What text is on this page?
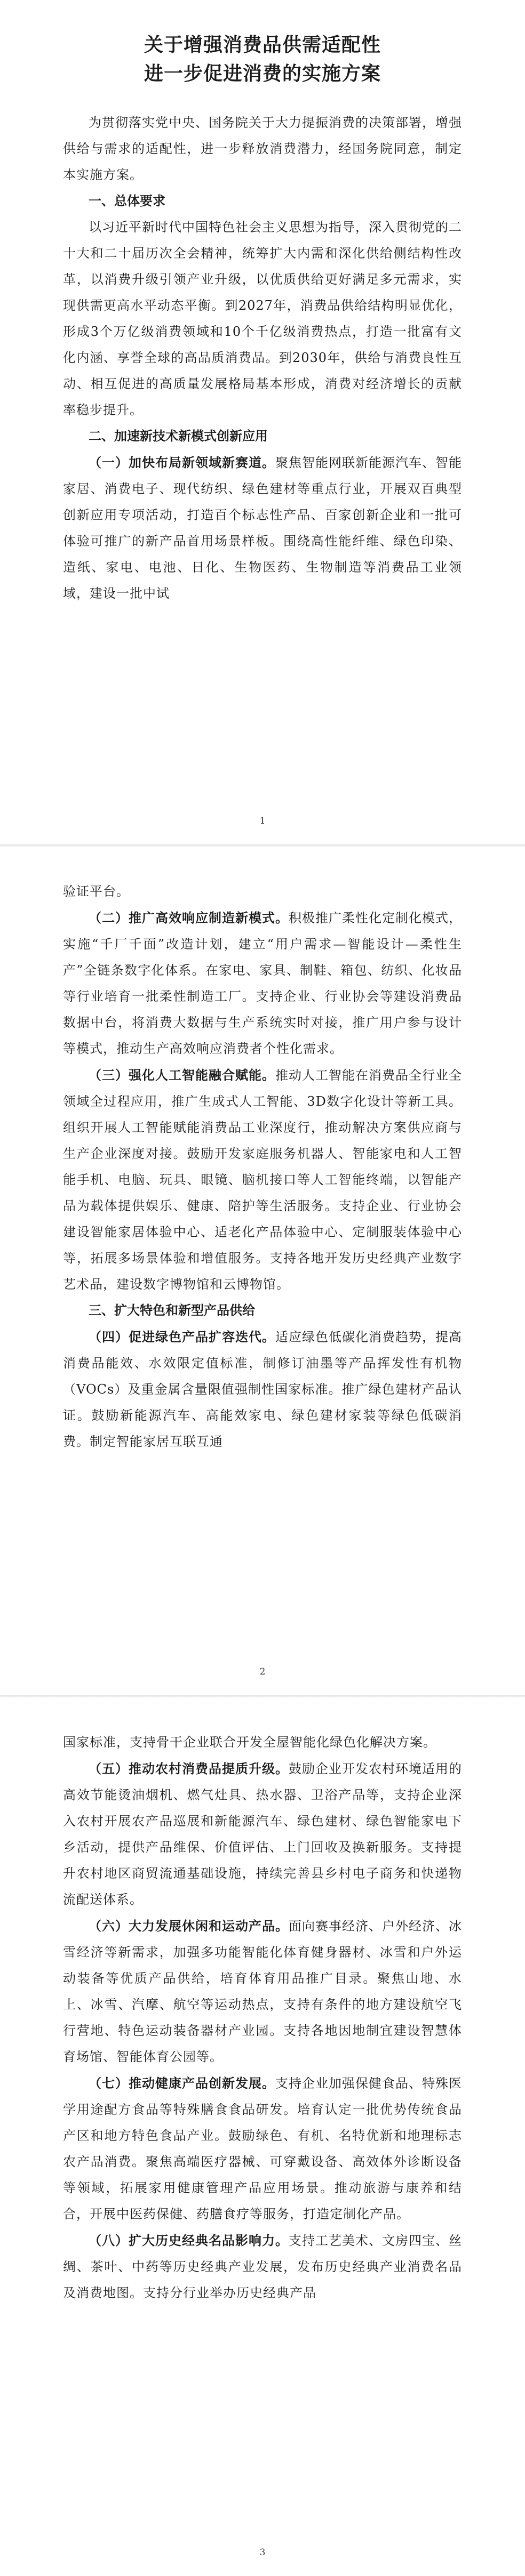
关于增强消费品供需适配性
进一步促进消费的实施方案

为贯彻落实党中央、国务院关于大力提振消费的决策部署，增强供给与需求的适配性，进一步释放消费潜力，经国务院同意，制定本实施方案。

一、总体要求

以习近平新时代中国特色社会主义思想为指导，深入贯彻党的二十大和二十届历次全会精神，统筹扩大内需和深化供给侧结构性改革，以消费升级引领产业升级，以优质供给更好满足多元需求，实现供需更高水平动态平衡。到2027年，消费品供给结构明显优化，形成3个万亿级消费领域和10个千亿级消费热点，打造一批富有文化内涵、享誉全球的高品质消费品。到2030年，供给与消费良性互动、相互促进的高质量发展格局基本形成，消费对经济增长的贡献率稳步提升。

二、加速新技术新模式创新应用

（一）加快布局新领域新赛道。聚焦智能网联新能源汽车、智能家居、消费电子、现代纺织、绿色建材等重点行业，开展双百典型创新应用专项活动，打造百个标志性产品、百家创新企业和一批可体验可推广的新产品首用场景样板。围绕高性能纤维、绿色印染、造纸、家电、电池、日化、生物医药、生物制造等消费品工业领域，建设一批中试

1

验证平台。

（二）推广高效响应制造新模式。积极推广柔性化定制化模式，实施“千厂千面”改造计划，建立“用户需求—智能设计—柔性生产”全链条数字化体系。在家电、家具、制鞋、箱包、纺织、化妆品等行业培育一批柔性制造工厂。支持企业、行业协会等建设消费品数据中台，将消费大数据与生产系统实时对接，推广用户参与设计等模式，推动生产高效响应消费者个性化需求。

（三）强化人工智能融合赋能。推动人工智能在消费品全行业全领域全过程应用，推广生成式人工智能、3D数字化设计等新工具。组织开展人工智能赋能消费品工业深度行，推动解决方案供应商与生产企业深度对接。鼓励开发家庭服务机器人、智能家电和人工智能手机、电脑、玩具、眼镜、脑机接口等人工智能终端，以智能产品为载体提供娱乐、健康、陪护等生活服务。支持企业、行业协会建设智能家居体验中心、适老化产品体验中心、定制服装体验中心等，拓展多场景体验和增值服务。支持各地开发历史经典产业数字艺术品，建设数字博物馆和云博物馆。

三、扩大特色和新型产品供给

（四）促进绿色产品扩容迭代。适应绿色低碳化消费趋势，提高消费品能效、水效限定值标准，制修订油墨等产品挥发性有机物（VOCs）及重金属含量限值强制性国家标准。推广绿色建材产品认证。鼓励新能源汽车、高能效家电、绿色建材家装等绿色低碳消费。制定智能家居互联互通

2

国家标准，支持骨干企业联合开发全屋智能化绿色化解决方案。

（五）推动农村消费品提质升级。鼓励企业开发农村环境适用的高效节能烫油烟机、燃气灶具、热水器、卫浴产品等，支持企业深入农村开展农产品巡展和新能源汽车、绿色建材、绿色智能家电下乡活动，提供产品维保、价值评估、上门回收及换新服务。支持提升农村地区商贸流通基础设施，持续完善县乡村电子商务和快递物流配送体系。

（六）大力发展休闲和运动产品。面向赛事经济、户外经济、冰雪经济等新需求，加强多功能智能化体育健身器材、冰雪和户外运动装备等优质产品供给，培育体育用品推广目录。聚焦山地、水上、冰雪、汽摩、航空等运动热点，支持有条件的地方建设航空飞行营地、特色运动装备器材产业园。支持各地因地制宜建设智慧体育场馆、智能体育公园等。

（七）推动健康产品创新发展。支持企业加强保健食品、特殊医学用途配方食品等特殊膳食食品研发。培育认定一批优势传统食品产区和地方特色食品产业。鼓励绿色、有机、名特优新和地理标志农产品消费。聚焦高端医疗器械、可穿戴设备、高效体外诊断设备等领域，拓展家用健康管理产品应用场景。推动旅游与康养和结合，开展中医药保健、药膳食疗等服务，打造定制化产品。

（八）扩大历史经典名品影响力。支持工艺美术、文房四宝、丝绸、茶叶、中药等历史经典产业发展，发布历史经典产业消费名品及消费地图。支持分行业举办历史经典产品

3
